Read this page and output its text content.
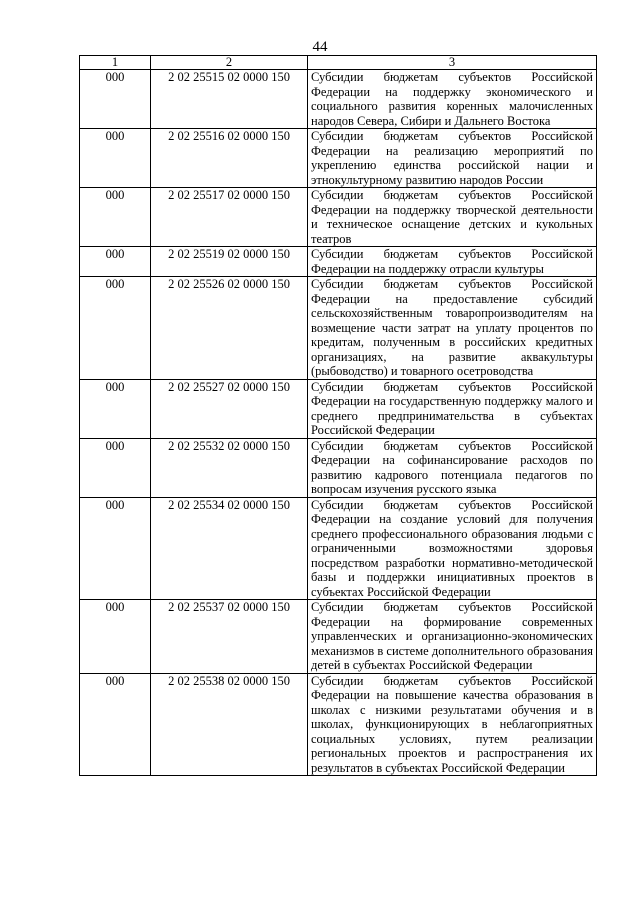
44
1	2	3
000	2 02 25515 02 0000 150	Субсидии бюджетам субъектов Российской Федерации на поддержку экономического и социального развития коренных малочисленных народов Севера, Сибири и Дальнего Востока
000	2 02 25516 02 0000 150	Субсидии бюджетам субъектов Российской Федерации на реализацию мероприятий по укреплению единства российской нации и этнокультурному развитию народов России
000	2 02 25517 02 0000 150	Субсидии бюджетам субъектов Российской Федерации на поддержку творческой деятельности и техническое оснащение детских и кукольных театров
000	2 02 25519 02 0000 150	Субсидии бюджетам субъектов Российской Федерации на поддержку отрасли культуры
000	2 02 25526 02 0000 150	Субсидии бюджетам субъектов Российской Федерации на предоставление субсидий сельскохозяйственным товаропроизводителям на возмещение части затрат на уплату процентов по кредитам, полученным в российских кредитных организациях, на развитие аквакультуры (рыбоводство) и товарного осетроводства
000	2 02 25527 02 0000 150	Субсидии бюджетам субъектов Российской Федерации на государственную поддержку малого и среднего предпринимательства в субъектах Российской Федерации
000	2 02 25532 02 0000 150	Субсидии бюджетам субъектов Российской Федерации на софинансирование расходов по развитию кадрового потенциала педагогов по вопросам изучения русского языка
000	2 02 25534 02 0000 150	Субсидии бюджетам субъектов Российской Федерации на создание условий для получения среднего профессионального образования людьми с ограниченными возможностями здоровья посредством разработки нормативно-методической базы и поддержки инициативных проектов в субъектах Российской Федерации
000	2 02 25537 02 0000 150	Субсидии бюджетам субъектов Российской Федерации на формирование современных управленческих и организационно-экономических механизмов в системе дополнительного образования детей в субъектах Российской Федерации
000	2 02 25538 02 0000 150	Субсидии бюджетам субъектов Российской Федерации на повышение качества образования в школах с низкими результатами обучения и в школах, функционирующих в неблагоприятных социальных условиях, путем реализации региональных проектов и распространения их результатов в субъектах Российской Федерации
